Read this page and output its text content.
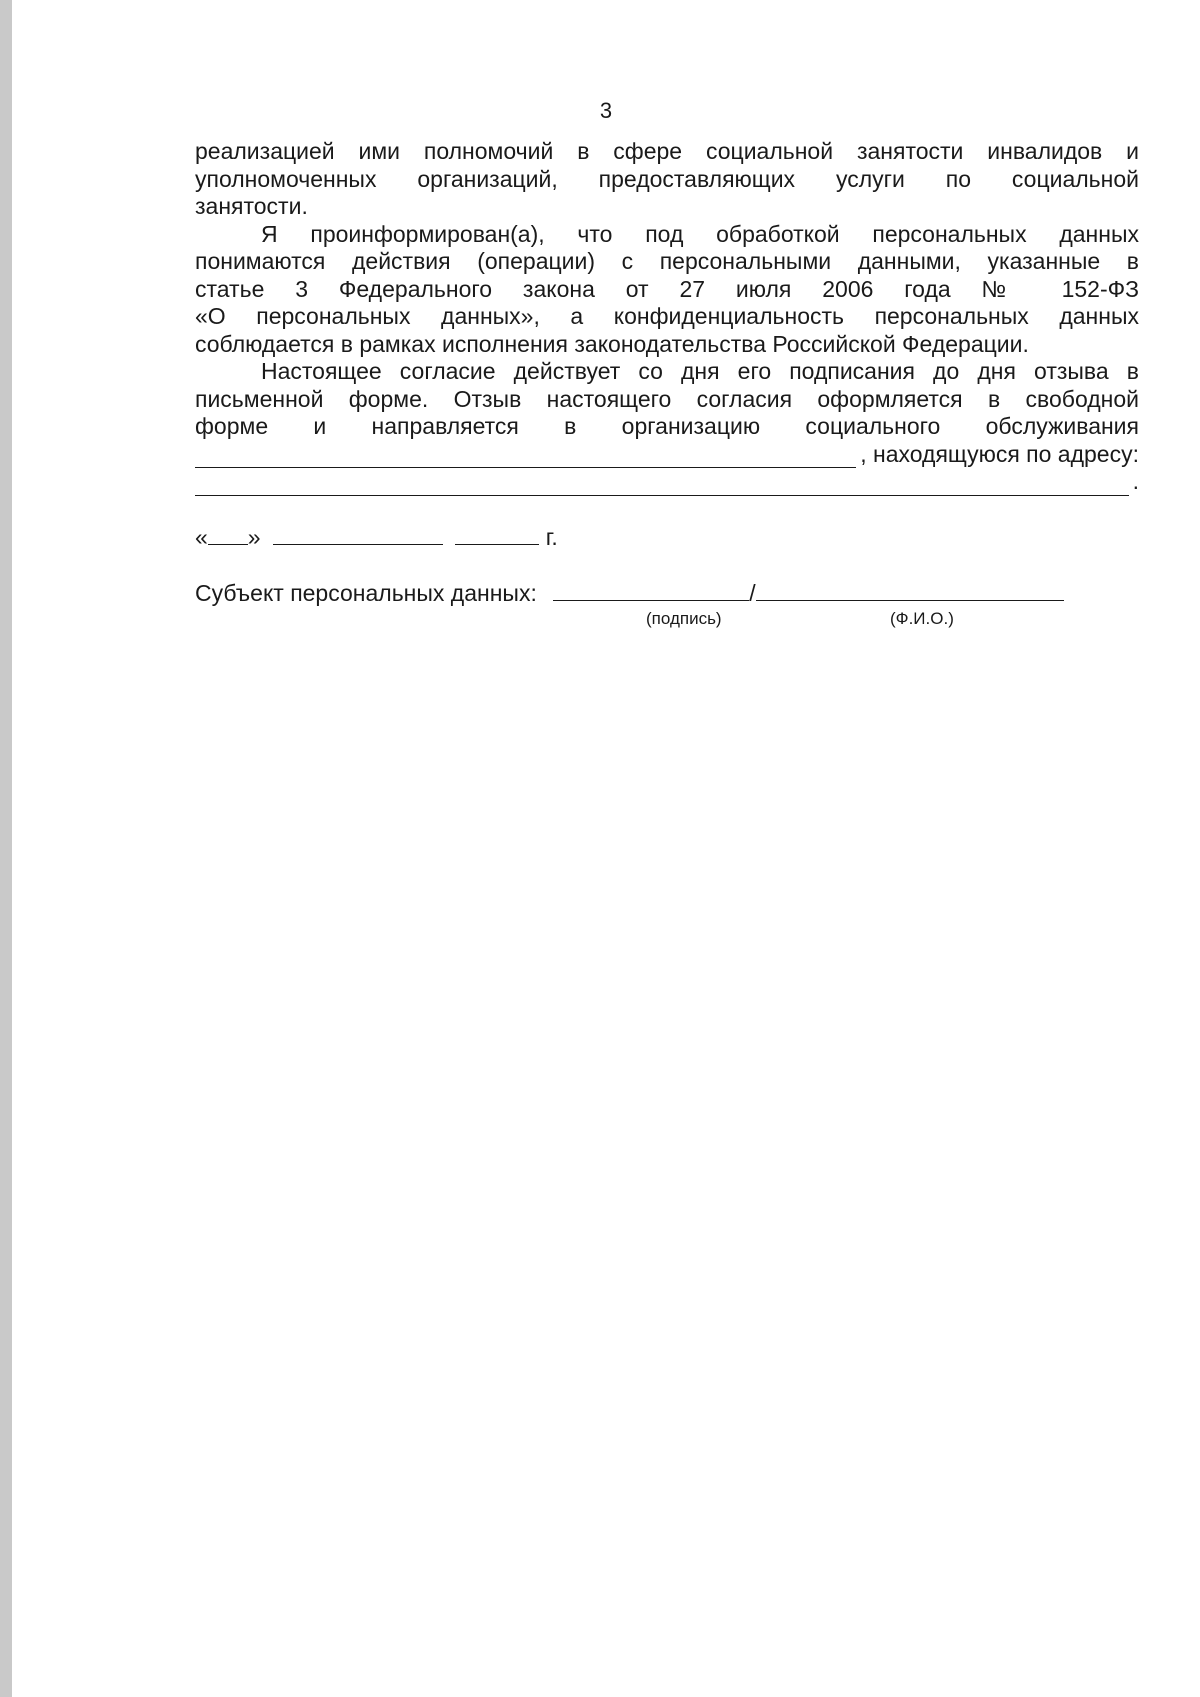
3
реализацией ими полномочий в сфере социальной занятости инвалидов и
уполномоченных организаций, предоставляющих услуги по социальной
занятости.
Я проинформирован(а), что под обработкой персональных данных
понимаются действия (операции) с персональными данными, указанные в
статье 3 Федерального закона от 27 июля 2006 года № 152-ФЗ
«О персональных данных», а конфиденциальность персональных данных
соблюдается в рамках исполнения законодательства Российской Федерации.
Настоящее согласие действует со дня его подписания до дня отзыва в
письменной форме. Отзыв настоящего согласия оформляется в свободной
форме и направляется в организацию социального обслуживания
, находящуюся по адресу:
.
« »	г.
Субъект персональных данных:	/
(подпись)	(Ф.И.О.)
